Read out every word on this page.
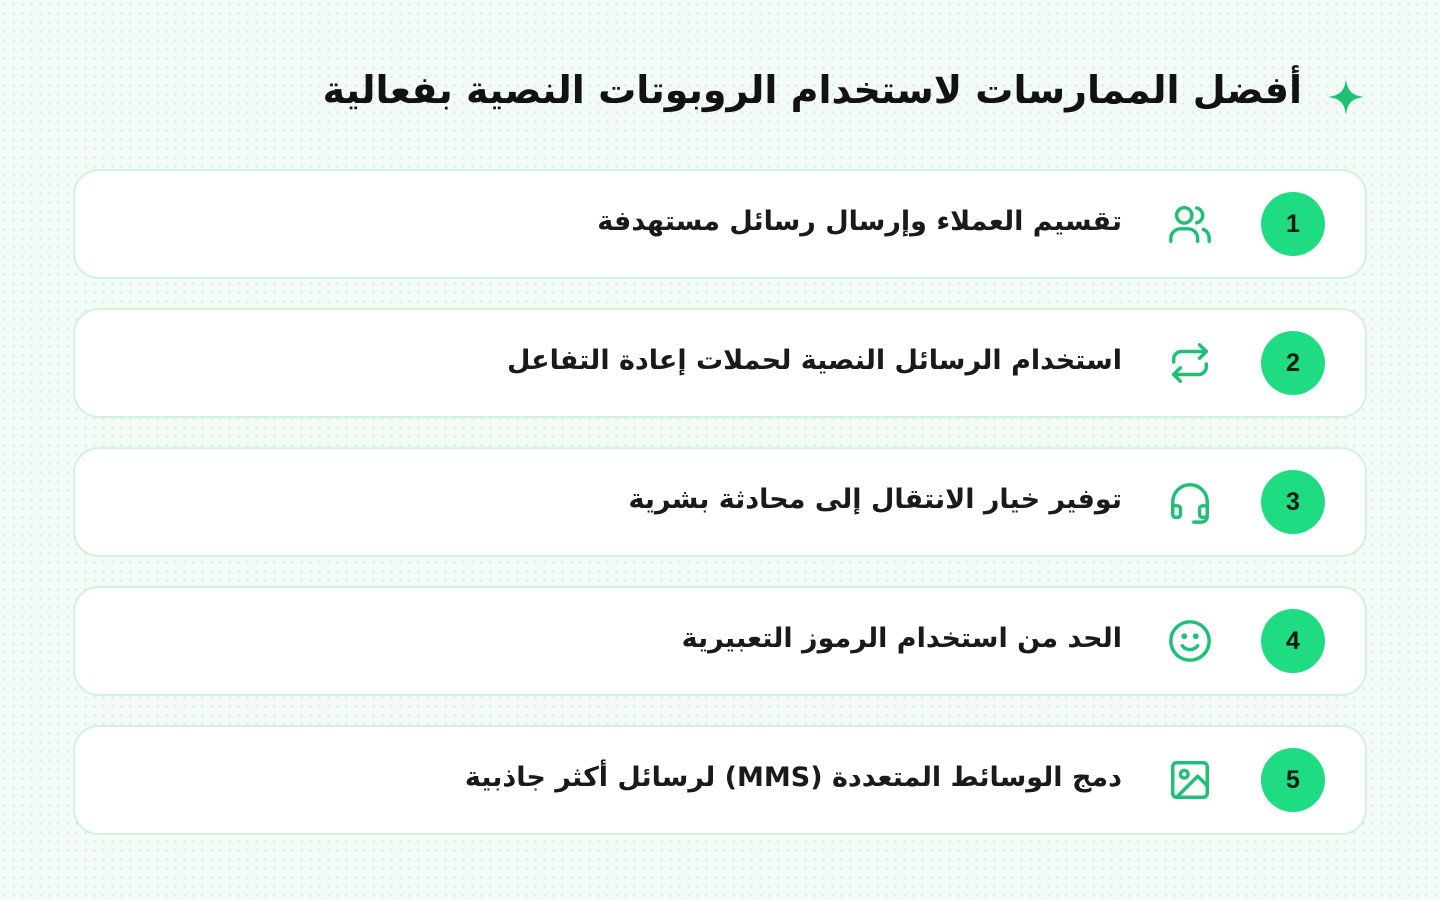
أفضل الممارسات لاستخدام الروبوتات النصية بفعالية
1
تقسيم العملاء وإرسال رسائل مستهدفة
2
استخدام الرسائل النصية لحملات إعادة التفاعل
3
توفير خيار الانتقال إلى محادثة بشرية
4
الحد من استخدام الرموز التعبيرية
5
دمج الوسائط المتعددة (MMS) لرسائل أكثر جاذبية
